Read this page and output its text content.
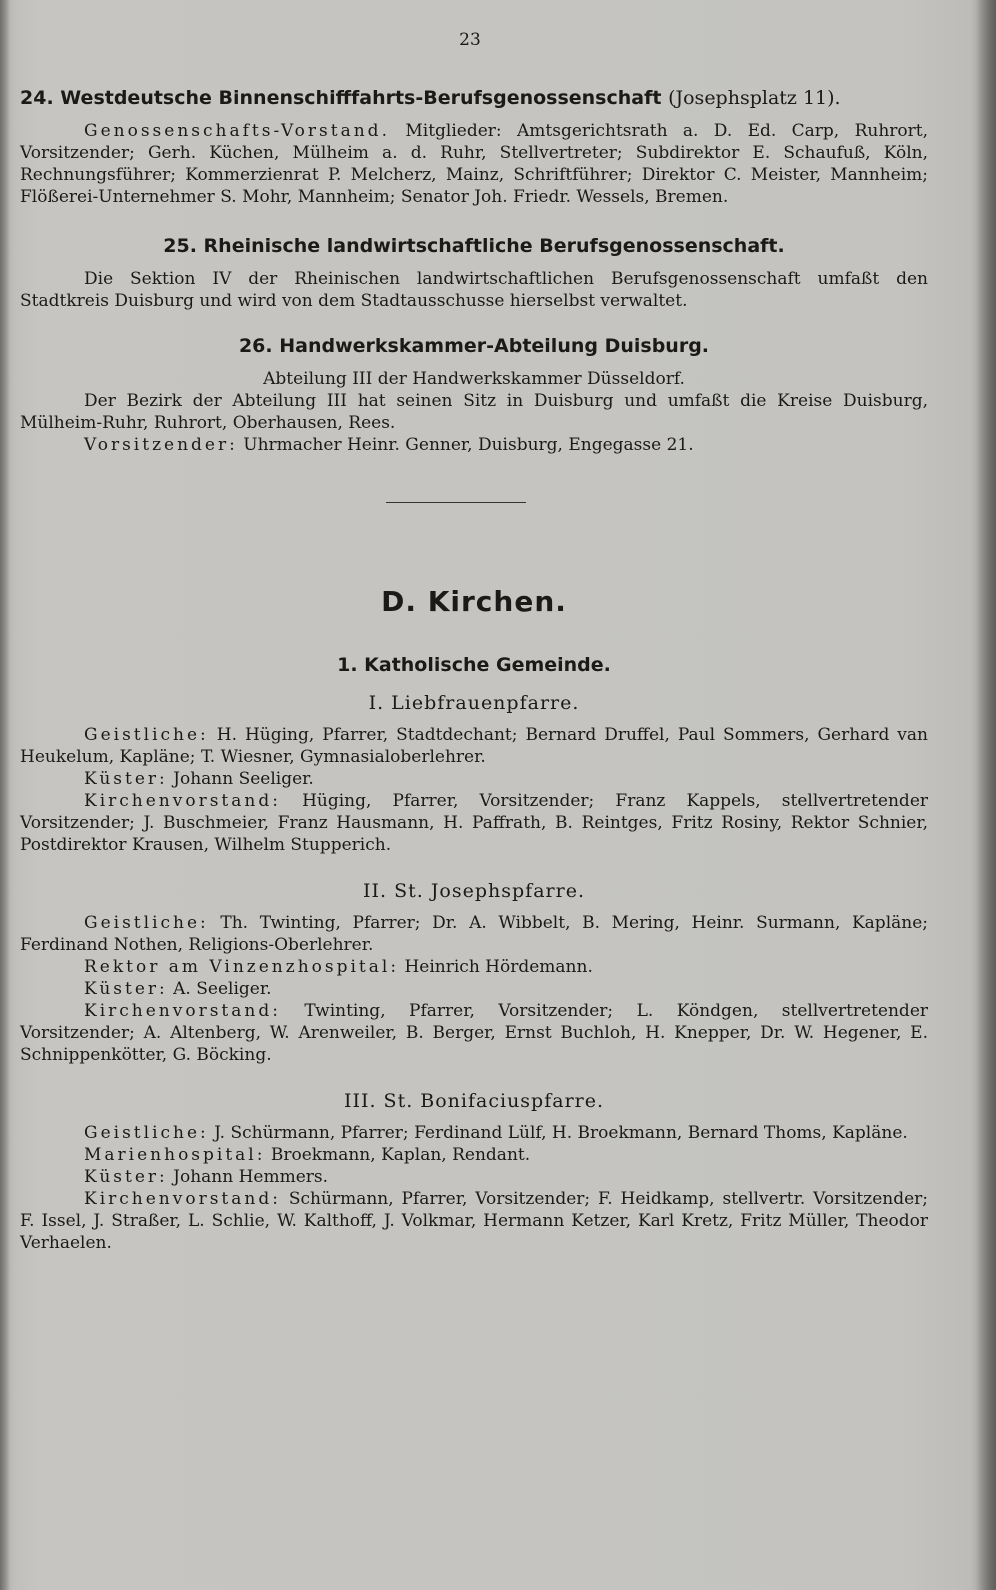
23
24. Westdeutsche Binnenschifffahrts-Berufsgenossenschaft (Josephsplatz 11).

Genossenschafts-Vorstand. Mitglieder: Amtsgerichtsrath a. D. Ed. Carp, Ruhrort, Vorsitzender; Gerh. Küchen, Mülheim a. d. Ruhr, Stellvertreter; Subdirektor E. Schaufuß, Köln, Rechnungsführer; Kommerzienrat P. Melcherz, Mainz, Schriftführer; Direktor C. Meister, Mannheim; Flößerei-Unternehmer S. Mohr, Mannheim; Senator Joh. Friedr. Wessels, Bremen.

25. Rheinische landwirtschaftliche Berufsgenossenschaft.

Die Sektion IV der Rheinischen landwirtschaftlichen Berufsgenossenschaft umfaßt den Stadtkreis Duisburg und wird von dem Stadtausschusse hierselbst verwaltet.

26. Handwerkskammer-Abteilung Duisburg.

Abteilung III der Handwerkskammer Düsseldorf.

Der Bezirk der Abteilung III hat seinen Sitz in Duisburg und umfaßt die Kreise Duisburg, Mülheim-Ruhr, Ruhrort, Oberhausen, Rees.

Vorsitzender: Uhrmacher Heinr. Genner, Duisburg, Engegasse 21.

D. Kirchen.
1. Katholische Gemeinde.
I. Liebfrauenpfarre.

Geistliche: H. Hüging, Pfarrer, Stadtdechant; Bernard Druffel, Paul Sommers, Gerhard van Heukelum, Kapläne; T. Wiesner, Gymnasialoberlehrer.

Küster: Johann Seeliger.

Kirchenvorstand: Hüging, Pfarrer, Vorsitzender; Franz Kappels, stellvertretender Vorsitzender; J. Buschmeier, Franz Hausmann, H. Paffrath, B. Reintges, Fritz Rosiny, Rektor Schnier, Postdirektor Krausen, Wilhelm Stupperich.

II. St. Josephspfarre.

Geistliche: Th. Twinting, Pfarrer; Dr. A. Wibbelt, B. Mering, Heinr. Surmann, Kapläne; Ferdinand Nothen, Religions-Oberlehrer.

Rektor am Vinzenzhospital: Heinrich Hördemann.

Küster: A. Seeliger.

Kirchenvorstand: Twinting, Pfarrer, Vorsitzender; L. Köndgen, stellvertretender Vorsitzender; A. Altenberg, W. Arenweiler, B. Berger, Ernst Buchloh, H. Knepper, Dr. W. Hegener, E. Schnippenkötter, G. Böcking.

III. St. Bonifaciuspfarre.

Geistliche: J. Schürmann, Pfarrer; Ferdinand Lülf, H. Broekmann, Bernard Thoms, Kapläne.

Marienhospital: Broekmann, Kaplan, Rendant.

Küster: Johann Hemmers.

Kirchenvorstand: Schürmann, Pfarrer, Vorsitzender; F. Heidkamp, stellvertr. Vorsitzender; F. Issel, J. Straßer, L. Schlie, W. Kalthoff, J. Volkmar, Hermann Ketzer, Karl Kretz, Fritz Müller, Theodor Verhaelen.
